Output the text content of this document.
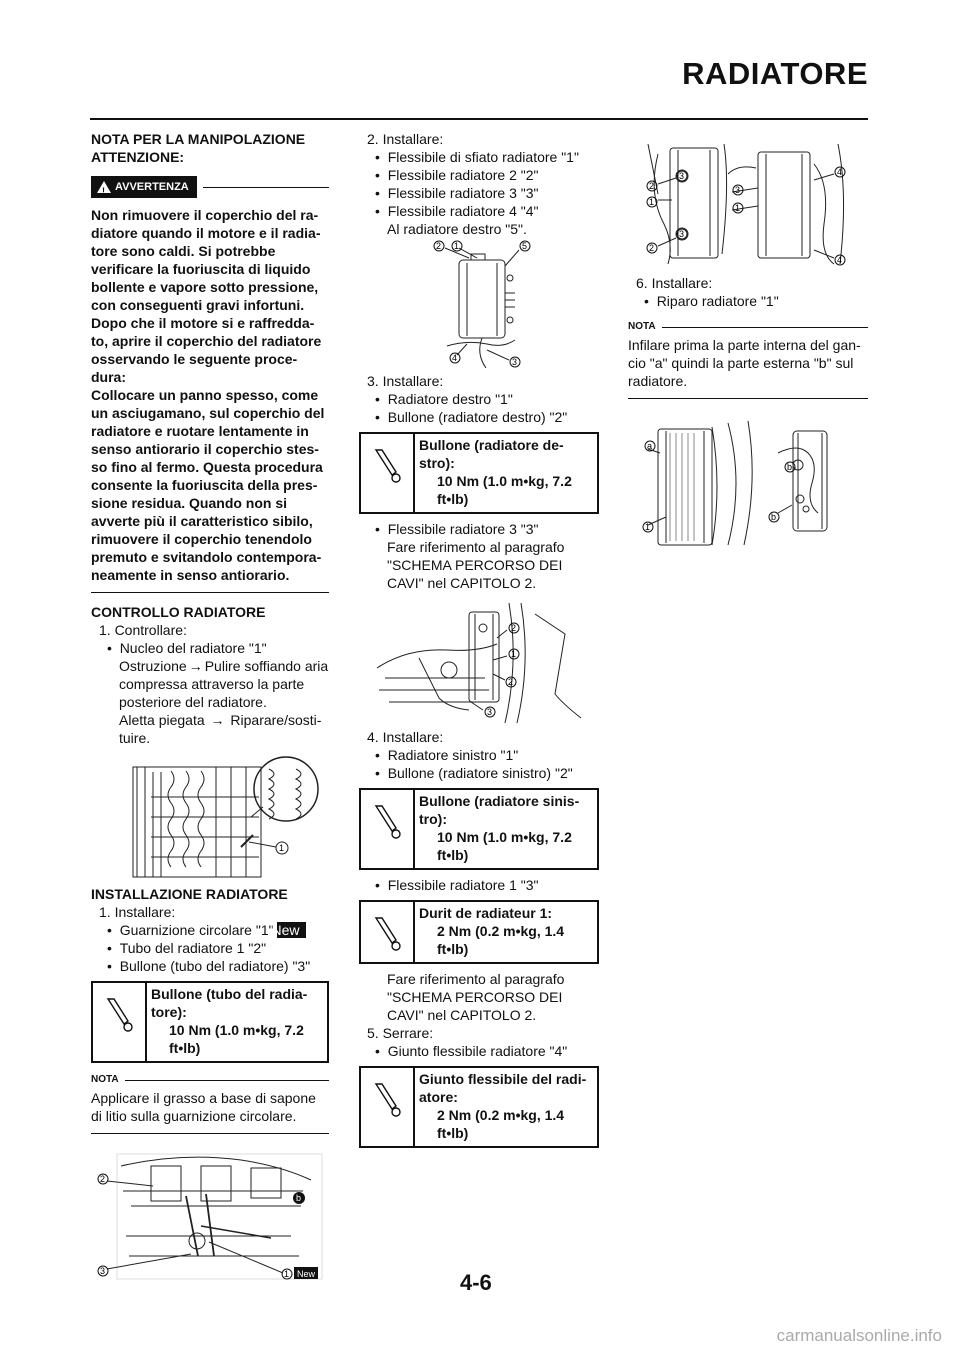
RADIATORE
NOTA PER LA MANIPOLAZIONE
ATTENZIONE:
! AVVERTENZA
Non rimuovere il coperchio del ra-
diatore quando il motore e il radia-
tore sono caldi. Si potrebbe
verificare la fuoriuscita di liquido
bollente e vapore sotto pressione,
con conseguenti gravi infortuni.
Dopo che il motore si e raffredda-
to, aprire il coperchio del radiatore
osservando le seguente proce-
dura:
Collocare un panno spesso, come
un asciugamano, sul coperchio del
radiatore e ruotare lentamente in
senso antiorario il coperchio stes-
so fino al fermo. Questa procedura
consente la fuoriuscita della pres-
sione residua. Quando non si
avverte più il caratteristico sibilo,
rimuovere il coperchio tenendolo
premuto e svitandolo contempora-
neamente in senso antiorario.
CONTROLLO RADIATORE
1. Controllare:
•  Nucleo del radiatore "1"
Ostruzione → Pulire soffiando aria
compressa attraverso la parte
posteriore del radiatore.
Aletta piegata → Riparare/sosti-
tuire.
1
INSTALLAZIONE RADIATORE
1. Installare:
•  Guarnizione circolare "1" New
•  Tubo del radiatore 1 "2"
•  Bullone (tubo del radiatore) "3"
Bullone (tubo del radia-
tore):
10 Nm (1.0 m•kg, 7.2
ft•lb)
NOTA
Applicare il grasso a base di sapone
di litio sulla guarnizione circolare.
2
3	1 New
b
2. Installare:
•  Flessibile di sfiato radiatore "1"
•  Flessibile radiatore 2 "2"
•  Flessibile radiatore 3 "3"
•  Flessibile radiatore 4 "4"
Al radiatore destro "5".
2 1	5
4	3
3. Installare:
•  Radiatore destro "1"
•  Bullone (radiatore destro) "2"
Bullone (radiatore de-
stro):
10 Nm (1.0 m•kg, 7.2
ft•lb)
•  Flessibile radiatore 3 "3"
Fare riferimento al paragrafo
"SCHEMA PERCORSO DEI
CAVI" nel CAPITOLO 2.
2
1
2
3
4. Installare:
•  Radiatore sinistro "1"
•  Bullone (radiatore sinistro) "2"
Bullone (radiatore sinis-
tro):
10 Nm (1.0 m•kg, 7.2
ft•lb)
•  Flessibile radiatore 1 "3"
Durit de radiateur 1:
2 Nm (0.2 m•kg, 1.4
ft•lb)
Fare riferimento al paragrafo
"SCHEMA PERCORSO DEI
CAVI" nel CAPITOLO 2.
5. Serrare:
•  Giunto flessibile radiatore "4"
Giunto flessibile del radi-
atore:
2 Nm (0.2 m•kg, 1.4
ft•lb)
3
2
1
3
2
3
1
4
4
6. Installare:
•  Riparo radiatore "1"
NOTA
Infilare prima la parte interna del gan-
cio "a" quindi la parte esterna "b" sul
radiatore.
a
1
b
b
4-6
carmanualsonline.info
